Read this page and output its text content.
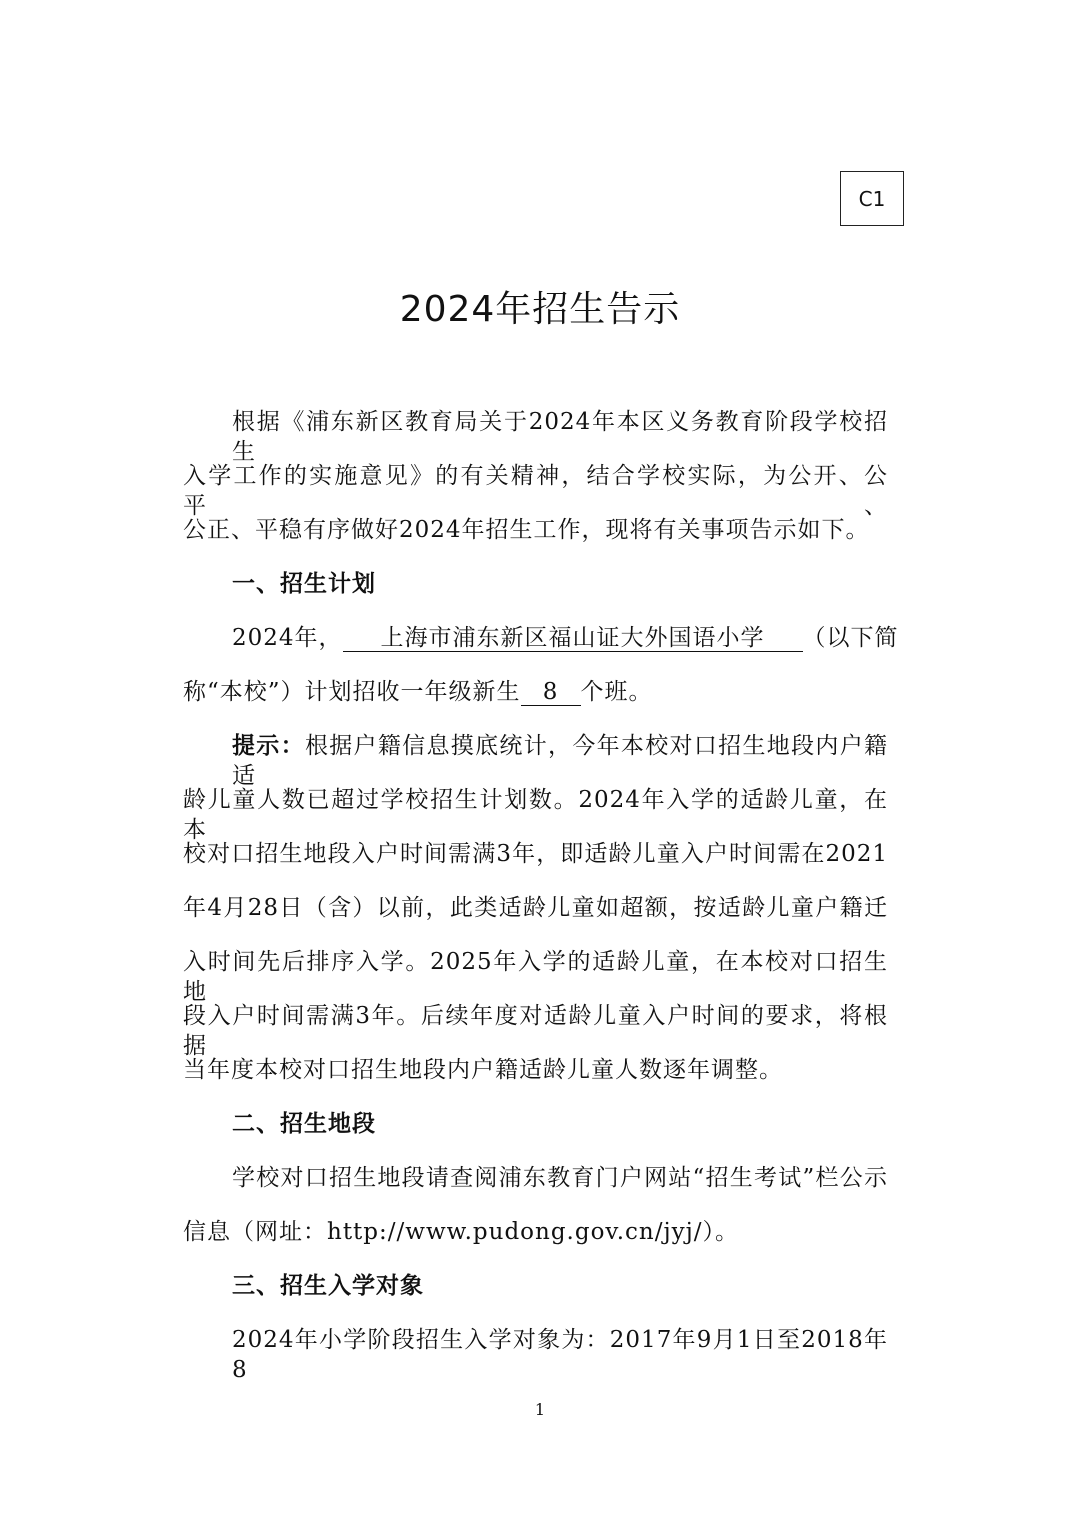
C1
2024年招生告示
根据《浦东新区教育局关于2024年本区义务教育阶段学校招生
入学工作的实施意见》的有关精神，结合学校实际，为公开、公平、
公正、平稳有序做好2024年招生工作，现将有关事项告示如下。
一、招生计划
2024年， 上海市浦东新区福山证大外国语小学 （以下简
称“本校”）计划招收一年级新生 8 个班。
提示：根据户籍信息摸底统计，今年本校对口招生地段内户籍适
龄儿童人数已超过学校招生计划数。2024年入学的适龄儿童，在本
校对口招生地段入户时间需满3年，即适龄儿童入户时间需在2021
年4月28日（含）以前，此类适龄儿童如超额，按适龄儿童户籍迁
入时间先后排序入学。2025年入学的适龄儿童，在本校对口招生地
段入户时间需满3年。后续年度对适龄儿童入户时间的要求，将根据
当年度本校对口招生地段内户籍适龄儿童人数逐年调整。
二、招生地段
学校对口招生地段请查阅浦东教育门户网站“招生考试”栏公示
信息（网址：http://www.pudong.gov.cn/jyj/）。
三、招生入学对象
2024年小学阶段招生入学对象为：2017年9月1日至2018年8
1
